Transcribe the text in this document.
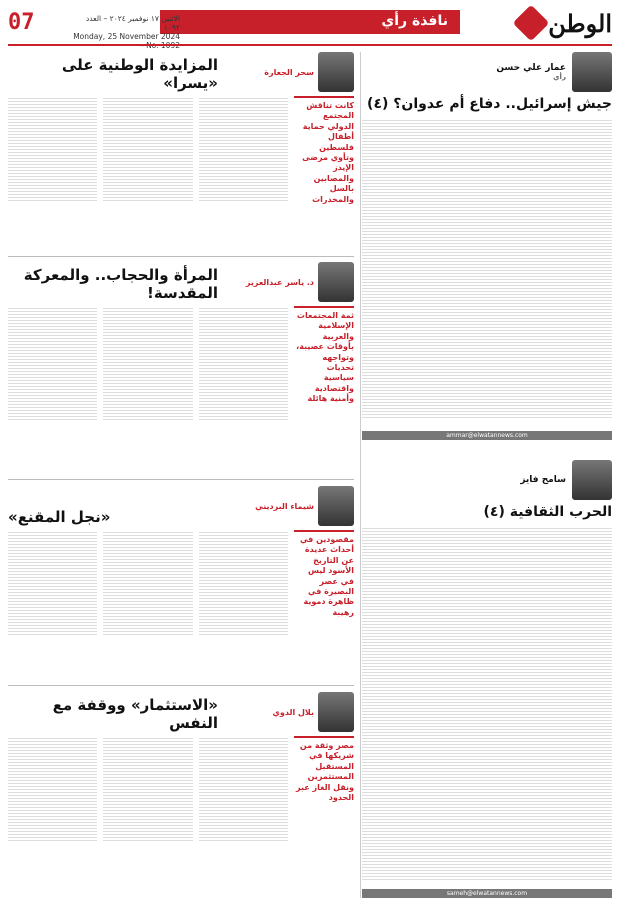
الوطن
نافذة رأي
الاثنين ١٧ نوفمبر ٢٠٢٤ – العدد ١٠٩٢
Monday, 25 November 2024
07
عمار علي حسن
رأي
جيش إسرائيل.. دفاع أم عدوان؟ (٤)
ammar@elwatannews.com
سامح فايز
الحرب الثقافية (٤)
sameh@elwatannews.com
سحر الجعارة
المزايدة الوطنية على «يسرا»
كانت تناقش المجتمع الدولي حماية أطفال فلسطين وتأوي مرضى الإيدز والمصابين بالسل والمخدرات
د. ياسر عبدالعزيز
المرأة والحجاب.. والمعركة المقدسة!
ثمة المجتمعات الإسلامية والعربية بأوقات عصيبة، وتواجهه تحديات سياسية واقتصادية وأمنية هائلة
شيماء البرديني
«نجل المقنع»
مقصودين في أحداث عديدة عن التاريخ الأسود ليس في عصر البصيرة في ظاهرة دموية رهيبة
بلال الدوي
«الاستثمار» ووقفة مع النفس
مصر وثقة من شريكها في المستقبل المستثمرين ونقل الغاز عبر الحدود
